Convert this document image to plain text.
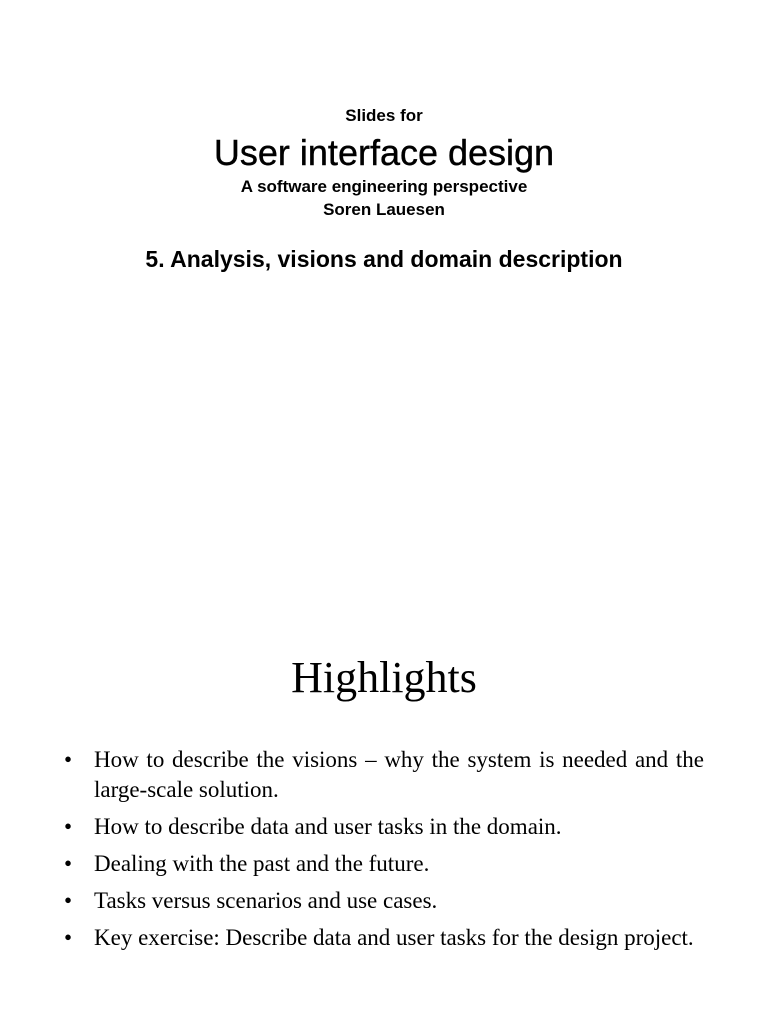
Slides for

User interface design

A software engineering perspective

Soren Lauesen

5. Analysis, visions and domain description

Highlights
• How to describe the visions – why the system is needed and the large-scale solution.
• How to describe data and user tasks in the domain.
• Dealing with the past and the future.
• Tasks versus scenarios and use cases.
• Key exercise: Describe data and user tasks for the design project.
